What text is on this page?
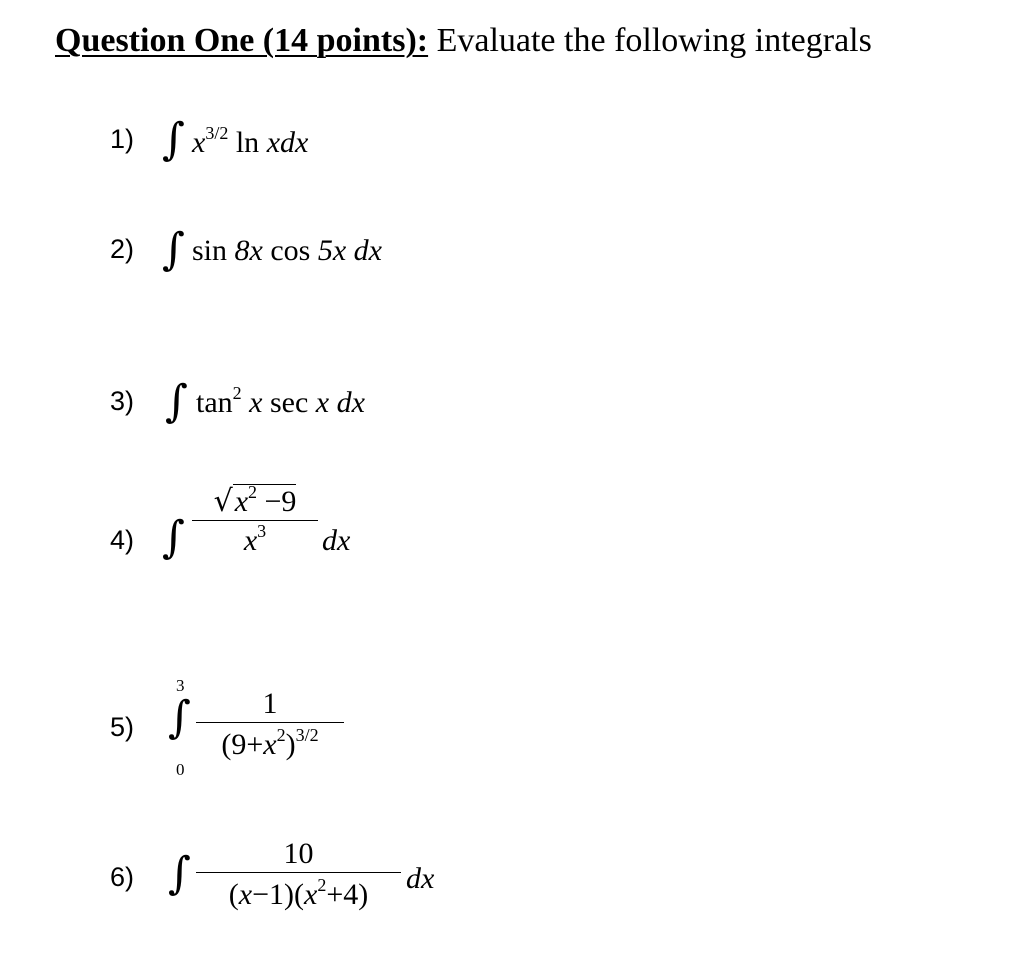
Question One (14 points): Evaluate the following integrals
1) ∫ $x^{3/2}$ ln xdx
2) ∫ sin 8x cos 5x dx
3) ∫ $\tan^2 x$ sec x dx
4) ∫ $\frac{√x^2 -9}{x^3}$ dx
5)
3
∫
0
$\frac{1}{(9+x^2)^{3/2}}$
6) ∫ $\frac{10}{(x-1)(x^2+4)}$ dx
